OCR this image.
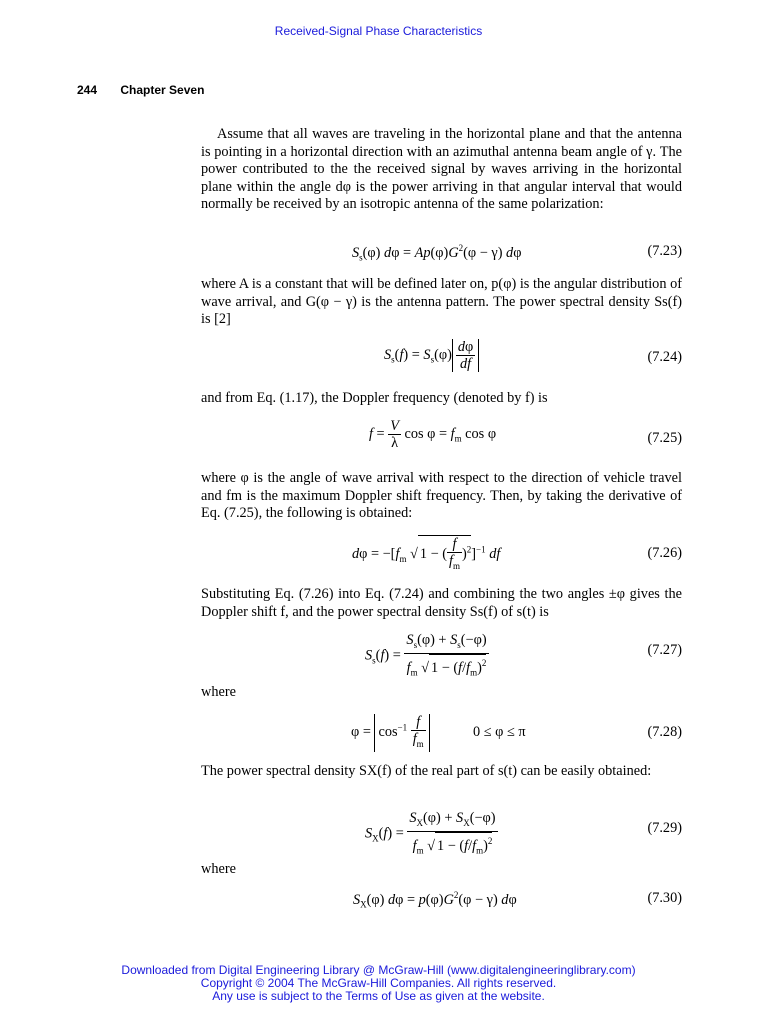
Received-Signal Phase Characteristics
244 Chapter Seven
Assume that all waves are traveling in the horizontal plane and that the antenna is pointing in a horizontal direction with an azimuthal antenna beam angle of γ. The power contributed to the the received signal by waves arriving in the horizontal plane within the angle dφ is the power arriving in that angular interval that would normally be received by an isotropic antenna of the same polarization:
$S_s(\varphi) d\varphi = Ap(\varphi)G^2(\varphi - \gamma)$ dφ	(7.23)
where A is a constant that will be defined later on, p(φ) is the angular distribution of wave arrival, and G(φ − γ) is the antenna pattern. The power spectral density Ss(f) is [2]
$S_s(f) = S_s(\varphi) \frac{d\varphi}{df}$	(7.24)
and from Eq. (1.17), the Doppler frequency (denoted by f) is
$f = \frac{V}{\lambda}$ $\cos \varphi = f_m$ cos φ	(7.25)
where φ is the angle of wave arrival with respect to the direction of vehicle travel and fm is the maximum Doppler shift frequency. Then, by taking the derivative of Eq. (7.25), the following is obtained:
$d\varphi = -[f_m$ √ 1 − ( $\frac{f}{f_m} )^2]^{-1}$ df	(7.26)
Substituting Eq. (7.26) into Eq. (7.24) and combining the two angles ±φ gives the Doppler shift f, and the power spectral density Ss(f) of s(t) is
$S_s(f) = \frac{S_s(\varphi) + S_s(-\varphi)}{f_m √ 1 - (f/f_m)^2}$	(7.27)
where
$\varphi = \cos^{-1} \frac{f}{f_m}$	0 ≤ φ ≤ π	(7.28)
The power spectral density SX(f) of the real part of s(t) can be easily obtained:
$S_X(f) = \frac{S_X(\varphi) + S_X(-\varphi)}{f_m √ 1 - (f/f_m)^2}$	(7.29)
where
$S_X(\varphi) d\varphi = p(\varphi)G^2(\varphi - \gamma)$ dφ	(7.30)
Downloaded from Digital Engineering Library @ McGraw-Hill (www.digitalengineeringlibrary.com)
Copyright © 2004 The McGraw-Hill Companies. All rights reserved.
Any use is subject to the Terms of Use as given at the website.
